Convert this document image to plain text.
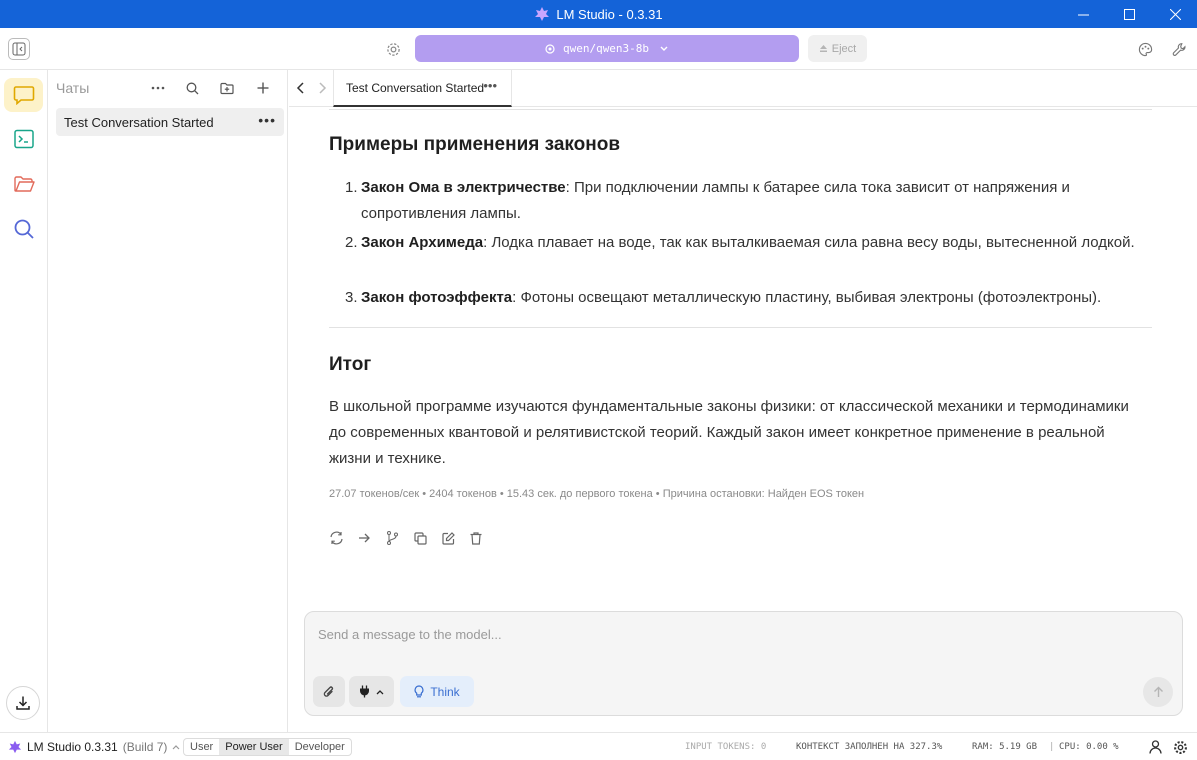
LM Studio - 0.3.31
qwen/qwen3-8b	Eject
Чаты
Test Conversation Started	•••
Test Conversation Started •••
Примеры применения законов
1. Закон Ома в электричестве: При подключении лампы к батарее сила тока зависит от напряжения и сопротивления лампы.
2. Закон Архимеда: Лодка плавает на воде, так как выталкиваемая сила равна весу воды, вытесненной лодкой.
3. Закон фотоэффекта: Фотоны освещают металлическую пластину, выбивая электроны (фотоэлектроны).
Итог
В школьной программе изучаются фундаментальные законы физики: от классической механики и термодинамики до современных квантовой и релятивистской теорий. Каждый закон имеет конкретное применение в реальной жизни и технике.
27.07 токенов/сек • 2404 токенов • 15.43 сек. до первого токена • Причина остановки: Найден EOS токен
Send a message to the model...
Think
LM Studio 0.3.31 (Build 7)	User	Power User	Developer	INPUT TOKENS: 0	КОНТЕКСТ ЗАПОЛНЕН НА 327.3%	RAM: 5.19 GB | CPU: 0.00 %
